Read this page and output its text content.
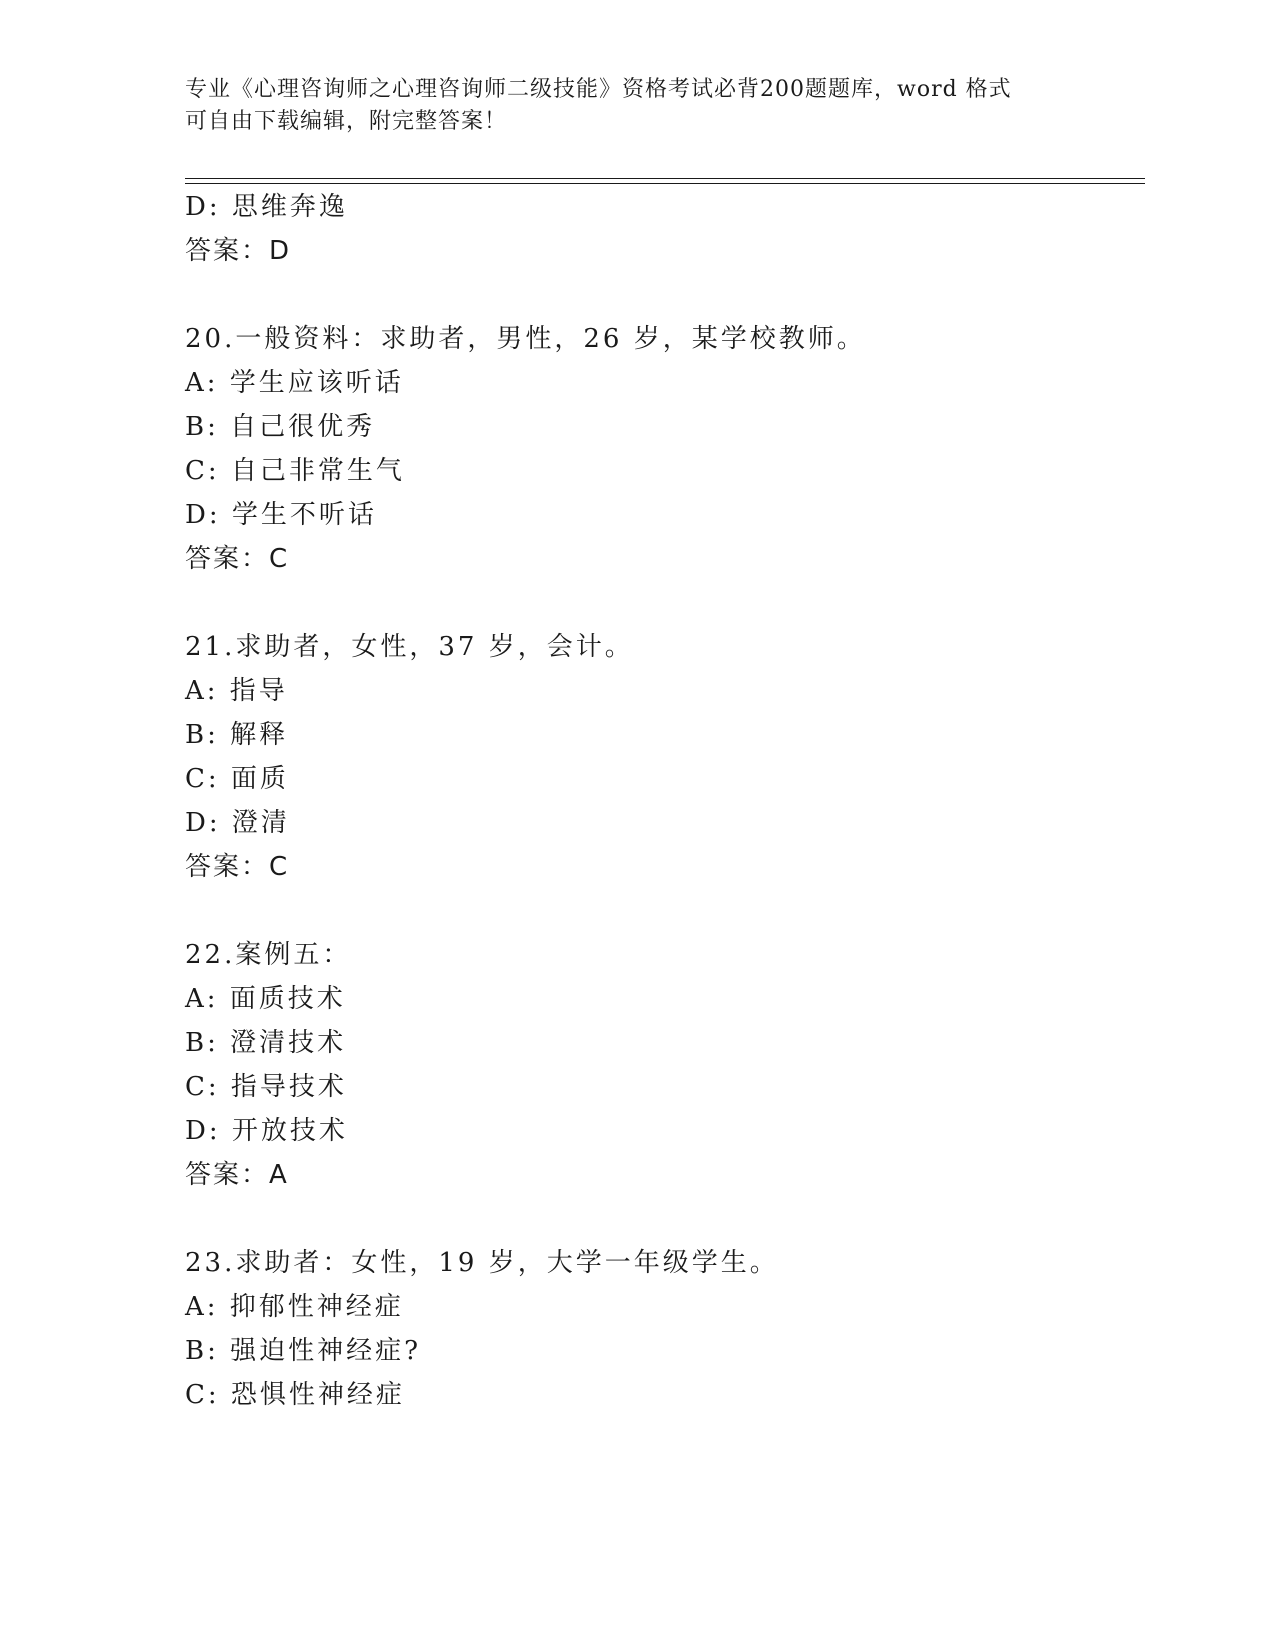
专业《心理咨询师之心理咨询师二级技能》资格考试必背200题题库，word 格式
可自由下载编辑，附完整答案！
D: 思维奔逸
答案：D
20.一般资料：求助者，男性，26 岁，某学校教师。
A: 学生应该听话
B: 自己很优秀
C: 自己非常生气
D: 学生不听话
答案：C
21.求助者，女性，37 岁，会计。
A: 指导
B: 解释
C: 面质
D: 澄清
答案：C
22.案例五：
A: 面质技术
B: 澄清技术
C: 指导技术
D: 开放技术
答案：A
23.求助者：女性，19 岁，大学一年级学生。
A: 抑郁性神经症
B: 强迫性神经症?
C: 恐惧性神经症
